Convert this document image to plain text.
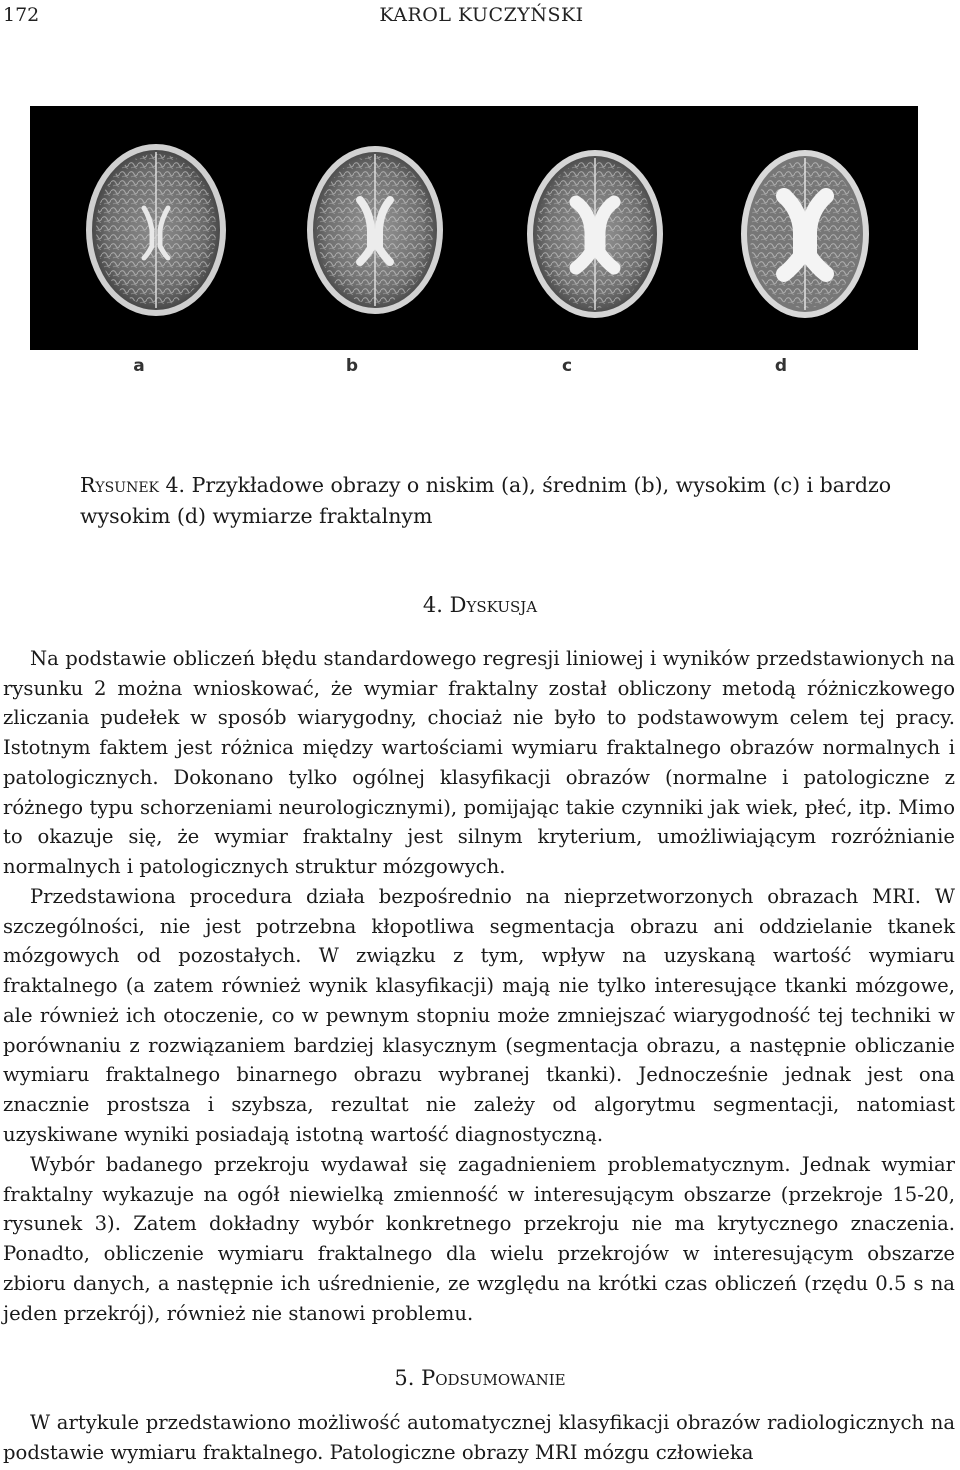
172	KAROL KUCZYŃSKI
a	b	c	d
Rysunek 4. Przykładowe obrazy o niskim (a), średnim (b), wysokim (c) i bardzo wysokim (d) wymiarze fraktalnym
4. Dyskusja

Na podstawie obliczeń błędu standardowego regresji liniowej i wyników przedstawionych na rysunku 2 można wnioskować, że wymiar fraktalny został obliczony metodą różniczkowego zliczania pudełek w sposób wiarygodny, chociaż nie było to podstawowym celem tej pracy. Istotnym faktem jest różnica między wartościami wymiaru fraktalnego obrazów normalnych i patologicznych. Dokonano tylko ogólnej klasyfikacji obrazów (normalne i patologiczne z różnego typu schorzeniami neurologicznymi), pomijając takie czynniki jak wiek, płeć, itp. Mimo to okazuje się, że wymiar fraktalny jest silnym kryterium, umożliwiającym rozróżnianie normalnych i patologicznych struktur mózgowych.

Przedstawiona procedura działa bezpośrednio na nieprzetworzonych obrazach MRI. W szczególności, nie jest potrzebna kłopotliwa segmentacja obrazu ani oddzielanie tkanek mózgowych od pozostałych. W związku z tym, wpływ na uzyskaną wartość wymiaru fraktalnego (a zatem również wynik klasyfikacji) mają nie tylko interesujące tkanki mózgowe, ale również ich otoczenie, co w pewnym stopniu może zmniejszać wiarygodność tej techniki w porównaniu z rozwiązaniem bardziej klasycznym (segmentacja obrazu, a następnie obliczanie wymiaru fraktalnego binarnego obrazu wybranej tkanki). Jednocześnie jednak jest ona znacznie prostsza i szybsza, rezultat nie zależy od algorytmu segmentacji, natomiast uzyskiwane wyniki posiadają istotną wartość diagnostyczną.

Wybór badanego przekroju wydawał się zagadnieniem problematycznym. Jednak wymiar fraktalny wykazuje na ogół niewielką zmienność w interesującym obszarze (przekroje 15-20, rysunek 3). Zatem dokładny wybór konkretnego przekroju nie ma krytycznego znaczenia. Ponadto, obliczenie wymiaru fraktalnego dla wielu przekrojów w interesującym obszarze zbioru danych, a następnie ich uśrednienie, ze względu na krótki czas obliczeń (rzędu 0.5 s na jeden przekrój), również nie stanowi problemu.

5. Podsumowanie

W artykule przedstawiono możliwość automatycznej klasyfikacji obrazów radiologicznych na podstawie wymiaru fraktalnego. Patologiczne obrazy MRI mózgu człowieka
